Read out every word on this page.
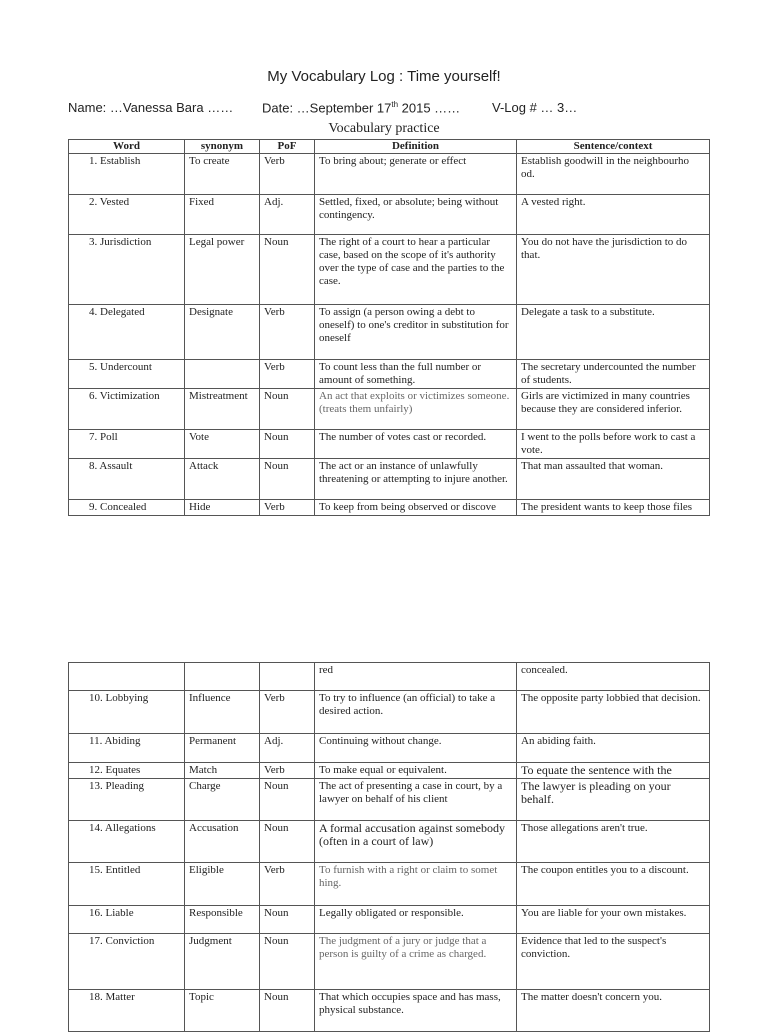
My Vocabulary Log : Time yourself!
Name: …Vanessa Bara …… Date: …September 17th 2015 …… V-Log # … 3…
Vocabulary practice
Word	synonym	PoF	Definition	Sentence/context
1. Establish	To create	Verb	To bring about; generate or effect	Establish goodwill in the neighbourho od.
2. Vested	Fixed	Adj.	Settled, fixed, or absolute; being without contingency.	A vested right.
3. Jurisdiction	Legal power	Noun	The right of a court to hear a particular case, based on the scope of it's authority over the type of case and the parties to the case.	You do not have the jurisdiction to do that.
4. Delegated	Designate	Verb	To assign (a person owing a debt to oneself) to one's creditor in substitution for oneself	Delegate a task to a substitute.
5. Undercount		Verb	To count less than the full number or amount of something.	The secretary undercounted the number of students.
6. Victimization	Mistreatment	Noun	An act that exploits or victimizes someone. (treats them unfairly)	Girls are victimized in many countries because they are considered inferior.
7. Poll	Vote	Noun	The number of votes cast or recorded.	I went to the polls before work to cast a vote.
8. Assault	Attack	Noun	The act or an instance of unlawfully threatening or attempting to injure another.	That man assaulted that woman.
9. Concealed	Hide	Verb	To keep from being observed or discove	The president wants to keep those files
			red	concealed.
10. Lobbying	Influence	Verb	To try to influence (an official) to take a desired action.	The opposite party lobbied that decision.
11. Abiding	Permanent	Adj.	Continuing without change.	An abiding faith.
12. Equates	Match	Verb	To make equal or equivalent.	To equate the sentence with the
13. Pleading	Charge	Noun	The act of presenting a case in court, by a lawyer on behalf of his client	The lawyer is pleading on your behalf.
14. Allegations	Accusation	Noun	A formal accusation against somebody (often in a court of law)	Those allegations aren't true.
15. Entitled	Eligible	Verb	To furnish with a right or claim to somet hing.	The coupon entitles you to a discount.
16. Liable	Responsible	Noun	Legally obligated or responsible.	You are liable for your own mistakes.
17. Conviction	Judgment	Noun	The judgment of a jury or judge that a person is guilty of a crime as charged.	Evidence that led to the suspect's conviction.
18. Matter	Topic	Noun	That which occupies space and has mass, physical substance.	The matter doesn't concern you.
